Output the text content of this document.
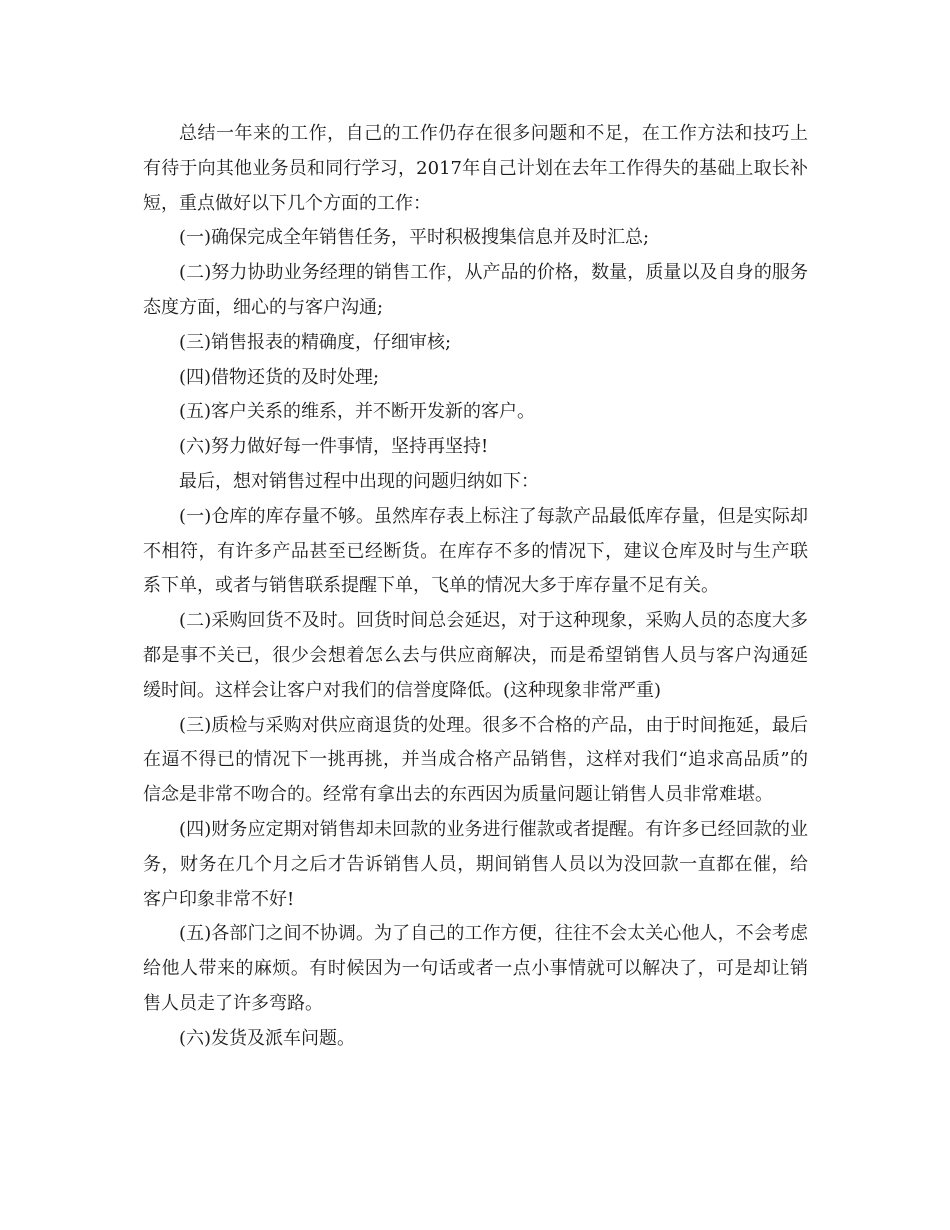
总结一年来的工作，自己的工作仍存在很多问题和不足，在工作方法和技巧上有待于向其他业务员和同行学习，2017年自己计划在去年工作得失的基础上取长补短，重点做好以下几个方面的工作：

(一)确保完成全年销售任务，平时积极搜集信息并及时汇总;

(二)努力协助业务经理的销售工作，从产品的价格，数量，质量以及自身的服务态度方面，细心的与客户沟通;

(三)销售报表的精确度，仔细审核;

(四)借物还货的及时处理;

(五)客户关系的维系，并不断开发新的客户。

(六)努力做好每一件事情，坚持再坚持!

最后，想对销售过程中出现的问题归纳如下：

(一)仓库的库存量不够。虽然库存表上标注了每款产品最低库存量，但是实际却不相符，有许多产品甚至已经断货。在库存不多的情况下，建议仓库及时与生产联系下单，或者与销售联系提醒下单，飞单的情况大多于库存量不足有关。

(二)采购回货不及时。回货时间总会延迟，对于这种现象，采购人员的态度大多都是事不关已，很少会想着怎么去与供应商解决，而是希望销售人员与客户沟通延缓时间。这样会让客户对我们的信誉度降低。(这种现象非常严重)

(三)质检与采购对供应商退货的处理。很多不合格的产品，由于时间拖延，最后在逼不得已的情况下一挑再挑，并当成合格产品销售，这样对我们“追求高品质”的信念是非常不吻合的。经常有拿出去的东西因为质量问题让销售人员非常难堪。

(四)财务应定期对销售却未回款的业务进行催款或者提醒。有许多已经回款的业务，财务在几个月之后才告诉销售人员，期间销售人员以为没回款一直都在催，给客户印象非常不好!

(五)各部门之间不协调。为了自己的工作方便，往往不会太关心他人，不会考虑给他人带来的麻烦。有时候因为一句话或者一点小事情就可以解决了，可是却让销售人员走了许多弯路。

(六)发货及派车问题。
